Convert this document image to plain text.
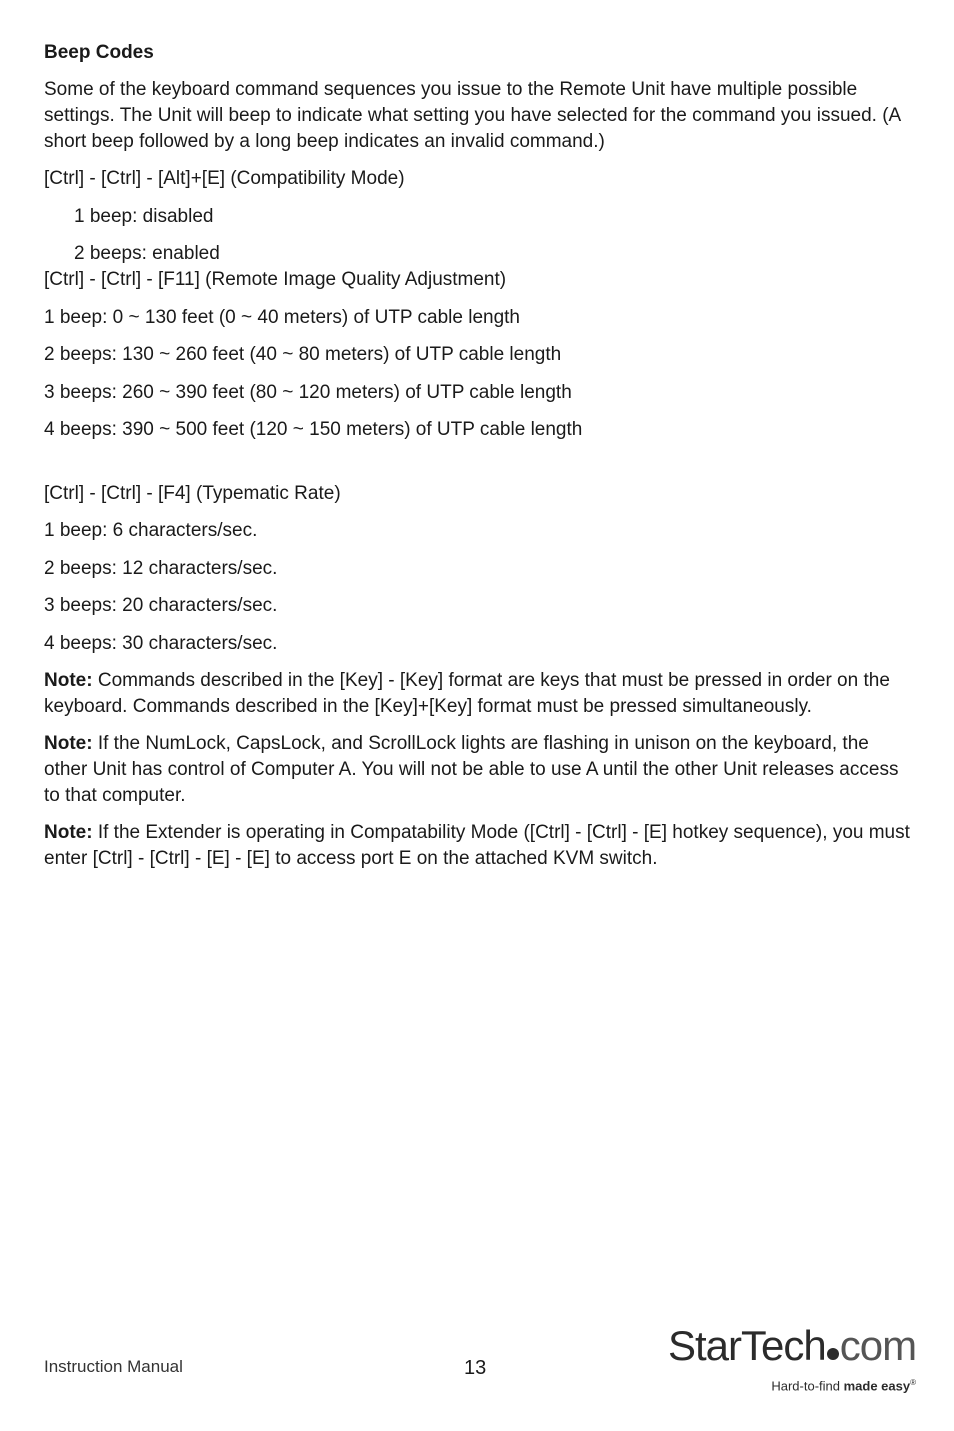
Beep Codes
Some of the keyboard command sequences you issue to the Remote Unit have multiple possible settings. The Unit will beep to indicate what setting you have selected for the command you issued. (A short beep followed by a long beep indicates an invalid command.)
[Ctrl] - [Ctrl] - [Alt]+[E] (Compatibility Mode)
1 beep: disabled
2 beeps: enabled
[Ctrl] - [Ctrl] - [F11] (Remote Image Quality Adjustment)
1 beep: 0 ~ 130 feet (0 ~ 40 meters) of UTP cable length
2 beeps: 130 ~ 260 feet (40 ~ 80 meters) of UTP cable length
3 beeps: 260 ~ 390 feet (80 ~ 120 meters) of UTP cable length
4 beeps: 390 ~ 500 feet (120 ~ 150 meters) of UTP cable length
[Ctrl] - [Ctrl] - [F4] (Typematic Rate)
1 beep: 6 characters/sec.
2 beeps: 12 characters/sec.
3 beeps: 20 characters/sec.
4 beeps: 30 characters/sec.
Note: Commands described in the [Key] - [Key] format are keys that must be pressed in order on the keyboard. Commands described in the [Key]+[Key] format must be pressed simultaneously.
Note: If the NumLock, CapsLock, and ScrollLock lights are flashing in unison on the keyboard, the other Unit has control of Computer A. You will not be able to use A until the other Unit releases access to that computer.
Note: If the Extender is operating in Compatability Mode ([Ctrl] - [Ctrl] - [E] hotkey sequence), you must enter [Ctrl] - [Ctrl] - [E] - [E] to access port E on the attached KVM switch.
Instruction Manual	13	StarTech com
Hard-to-find made easy®
